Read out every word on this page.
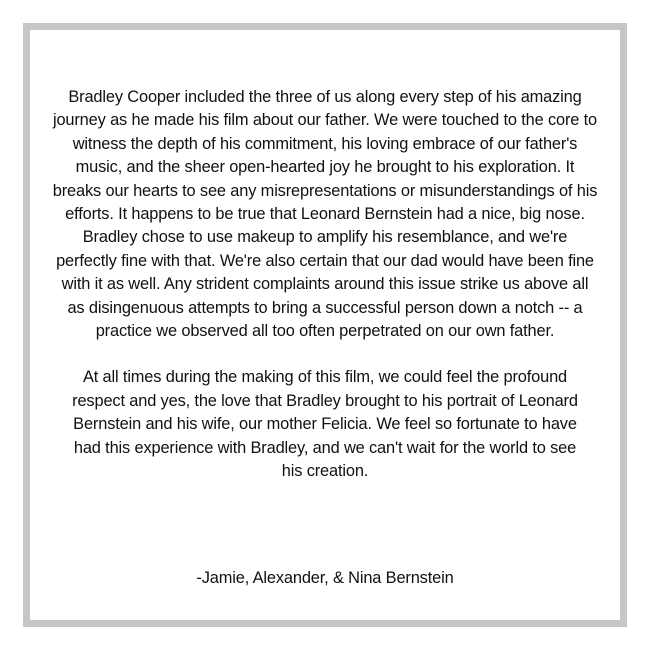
Bradley Cooper included the three of us along every step of his amazing journey as he made his film about our father. We were touched to the core to witness the depth of his commitment, his loving embrace of our father's music, and the sheer open-hearted joy he brought to his exploration. It breaks our hearts to see any misrepresentations or misunderstandings of his efforts. It happens to be true that Leonard Bernstein had a nice, big nose. Bradley chose to use makeup to amplify his resemblance, and we're perfectly fine with that. We're also certain that our dad would have been fine with it as well. Any strident complaints around this issue strike us above all as disingenuous attempts to bring a successful person down a notch -- a practice we observed all too often perpetrated on our own father.

At all times during the making of this film, we could feel the profound respect and yes, the love that Bradley brought to his portrait of Leonard Bernstein and his wife, our mother Felicia. We feel so fortunate to have had this experience with Bradley, and we can't wait for the world to see his creation.

-Jamie, Alexander, & Nina Bernstein
